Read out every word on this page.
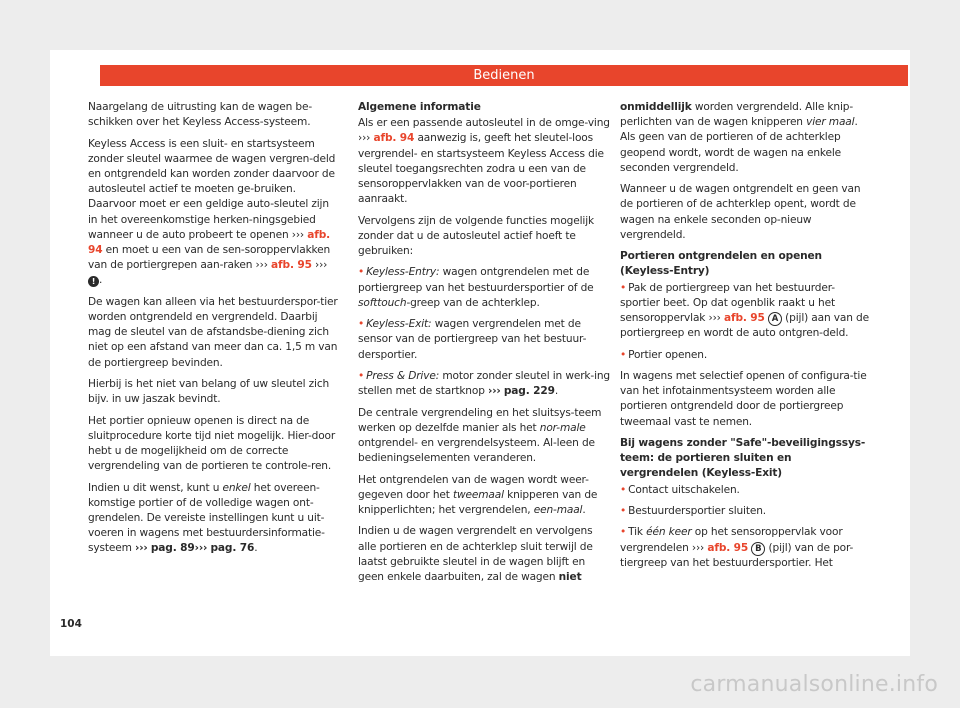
Bedienen

Naargelang de uitrusting kan de wagen be-schikken over het Keyless Access-systeem.

Keyless Access is een sluit- en startsysteem zonder sleutel waarmee de wagen vergren-deld en ontgrendeld kan worden zonder daarvoor de autosleutel actief te moeten ge-bruiken. Daarvoor moet er een geldige auto-sleutel zijn in het overeenkomstige herken-ningsgebied wanneer u de auto probeert te openen ››› afb. 94 en moet u een van de sen-soroppervlakken van de portiergrepen aan-raken ››› afb. 95 ››› ! .

De wagen kan alleen via het bestuurderspor-tier worden ontgrendeld en vergrendeld. Daarbij mag de sleutel van de afstandsbe-diening zich niet op een afstand van meer dan ca. 1,5 m van de portiergreep bevinden.

Hierbij is het niet van belang of uw sleutel zich bijv. in uw jaszak bevindt.

Het portier opnieuw openen is direct na de sluitprocedure korte tijd niet mogelijk. Hier-door hebt u de mogelijkheid om de correcte vergrendeling van de portieren te controle-ren.

Indien u dit wenst, kunt u enkel het overeen-komstige portier of de volledige wagen ont-grendelen. De vereiste instellingen kunt u uit-voeren in wagens met bestuurdersinformatie-systeem ››› pag. 89››› pag. 76.

Algemene informatie

Als er een passende autosleutel in de omge-ving ››› afb. 94 aanwezig is, geeft het sleutel-loos vergrendel- en startsysteem Keyless Access die sleutel toegangsrechten zodra u een van de sensoroppervlakken van de voor-portieren aanraakt.

Vervolgens zijn de volgende functies mogelijk zonder dat u de autosleutel actief hoeft te gebruiken:

• Keyless-Entry: wagen ontgrendelen met de portiergreep van het bestuurdersportier of de softtouch-greep van de achterklep.

• Keyless-Exit: wagen vergrendelen met de sensor van de portiergreep van het bestuur-dersportier.

• Press & Drive: motor zonder sleutel in werk-ing stellen met de startknop ››› pag. 229.

De centrale vergrendeling en het sluitsys-teem werken op dezelfde manier als het nor-male ontgrendel- en vergrendelsysteem. Al-leen de bedieningselementen veranderen.

Het ontgrendelen van de wagen wordt weer-gegeven door het tweemaal knipperen van de knipperlichten; het vergrendelen, een-maal.

Indien u de wagen vergrendelt en vervolgens alle portieren en de achterklep sluit terwijl de laatst gebruikte sleutel in de wagen blijft en geen enkele daarbuiten, zal de wagen niet

onmiddellijk worden vergrendeld. Alle knip-perlichten van de wagen knipperen vier maal. Als geen van de portieren of de achterklep geopend wordt, wordt de wagen na enkele seconden vergrendeld.

Wanneer u de wagen ontgrendelt en geen van de portieren of de achterklep opent, wordt de wagen na enkele seconden op-nieuw vergrendeld.

Portieren ontgrendelen en openen (Keyless-Entry)

• Pak de portiergreep van het bestuurder-sportier beet. Op dat ogenblik raakt u het sensoroppervlak ››› afb. 95 A (pijl) aan van de portiergreep en wordt de auto ontgren-deld.

• Portier openen.

In wagens met selectief openen of configura-tie van het infotainmentsysteem worden alle portieren ontgrendeld door de portiergreep tweemaal vast te nemen.

Bij wagens zonder "Safe"-beveiligingssys-teem: de portieren sluiten en vergrendelen (Keyless-Exit)

• Contact uitschakelen.

• Bestuurdersportier sluiten.

• Tik één keer op het sensoroppervlak voor vergrendelen ››› afb. 95 B (pijl) van de por-tiergreep van het bestuurdersportier. Het

104
carmanualsonline.info
